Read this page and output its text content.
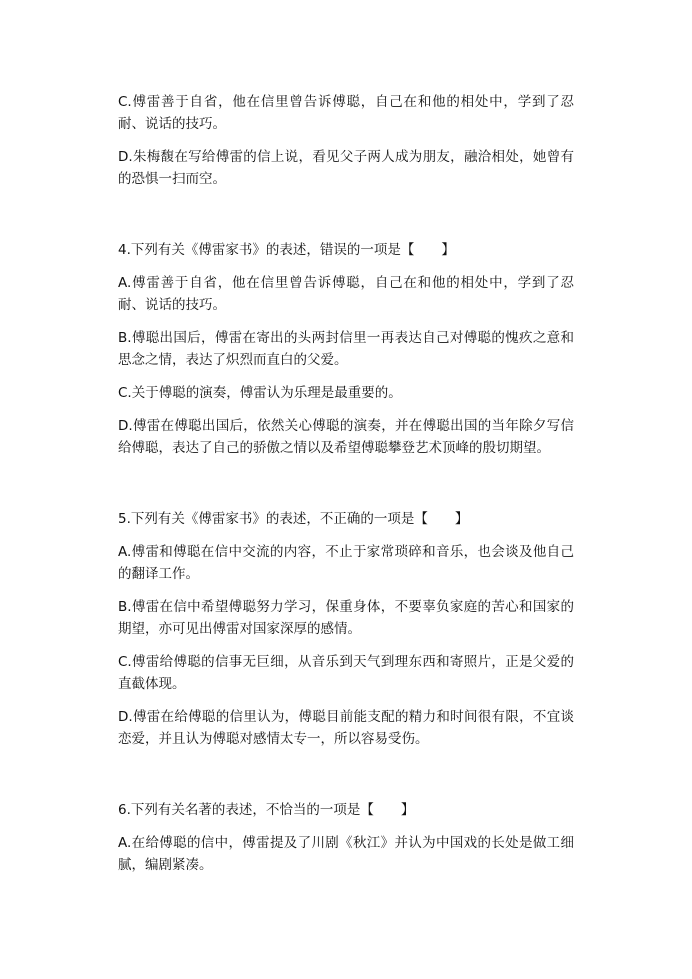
C.傅雷善于自省，他在信里曾告诉傅聪，自己在和他的相处中，学到了忍耐、说话的技巧。

D.朱梅馥在写给傅雷的信上说，看见父子两人成为朋友，融洽相处，她曾有的恐惧一扫而空。

4.下列有关《傅雷家书》的表述，错误的一项是【　　】

A.傅雷善于自省，他在信里曾告诉傅聪，自己在和他的相处中，学到了忍耐、说话的技巧。

B.傅聪出国后，傅雷在寄出的头两封信里一再表达自己对傅聪的愧疚之意和思念之情，表达了炽烈而直白的父爱。

C.关于傅聪的演奏，傅雷认为乐理是最重要的。

D.傅雷在傅聪出国后，依然关心傅聪的演奏，并在傅聪出国的当年除夕写信给傅聪，表达了自己的骄傲之情以及希望傅聪攀登艺术顶峰的殷切期望。

5.下列有关《傅雷家书》的表述，不正确的一项是【　　】

A.傅雷和傅聪在信中交流的内容，不止于家常琐碎和音乐，也会谈及他自己的翻译工作。

B.傅雷在信中希望傅聪努力学习，保重身体，不要辜负家庭的苦心和国家的期望，亦可见出傅雷对国家深厚的感情。

C.傅雷给傅聪的信事无巨细，从音乐到天气到理东西和寄照片，正是父爱的直截体现。

D.傅雷在给傅聪的信里认为，傅聪目前能支配的精力和时间很有限，不宜谈恋爱，并且认为傅聪对感情太专一，所以容易受伤。

6.下列有关名著的表述，不恰当的一项是【　　】

A.在给傅聪的信中，傅雷提及了川剧《秋江》并认为中国戏的长处是做工细腻，编剧紧凑。
